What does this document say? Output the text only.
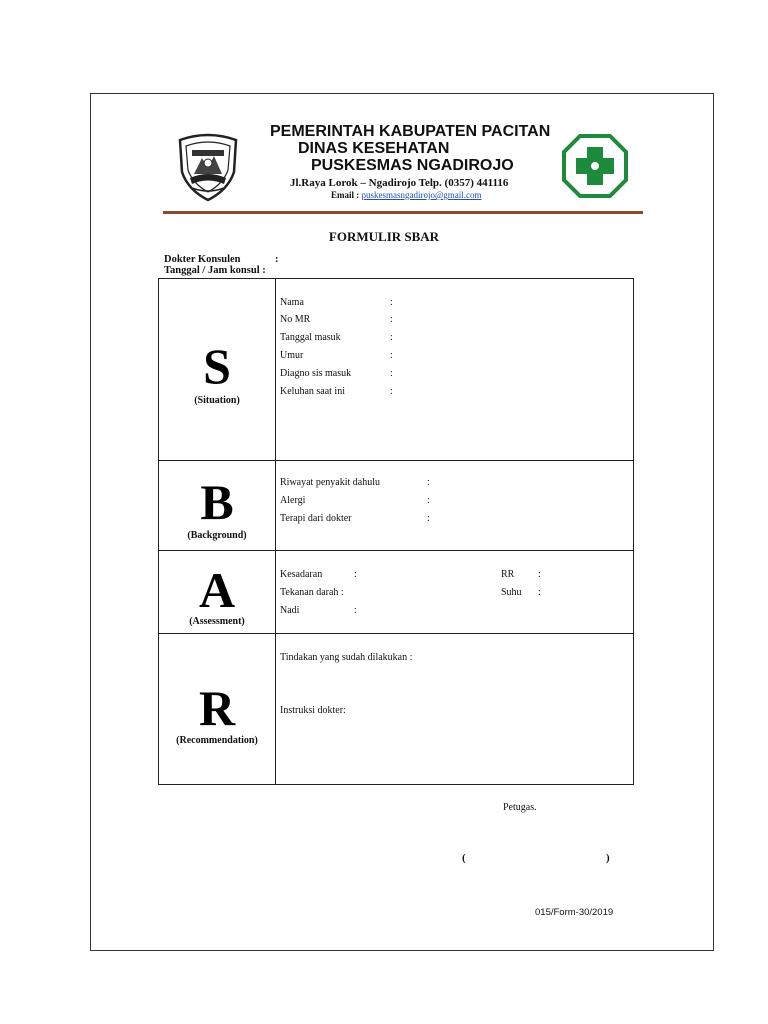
PEMERINTAH KABUPATEN PACITAN
DINAS KESEHATAN
PUSKESMAS NGADIROJO
Jl.Raya Lorok – Ngadirojo Telp. (0357) 441116
Email : puskesmasngadirojo@gmail.com
FORMULIR SBAR
Dokter Konsulen	:
Tanggal / Jam konsul :
S
(Situation)
Nama	:
No MR	:
Tanggal masuk	:
Umur	:
Diagno sis masuk	:
Keluhan saat ini	:
B
(Background)
Riwayat penyakit dahulu	:
Alergi	:
Terapi dari dokter	:
A
(Assessment)
Kesadaran	:
Tekanan darah :
Nadi	:
RR :
Suhu :
R
(Recommendation)
Tindakan yang sudah dilakukan :
Instruksi dokter:
Petugas.
(	)
015/Form-30/2019
